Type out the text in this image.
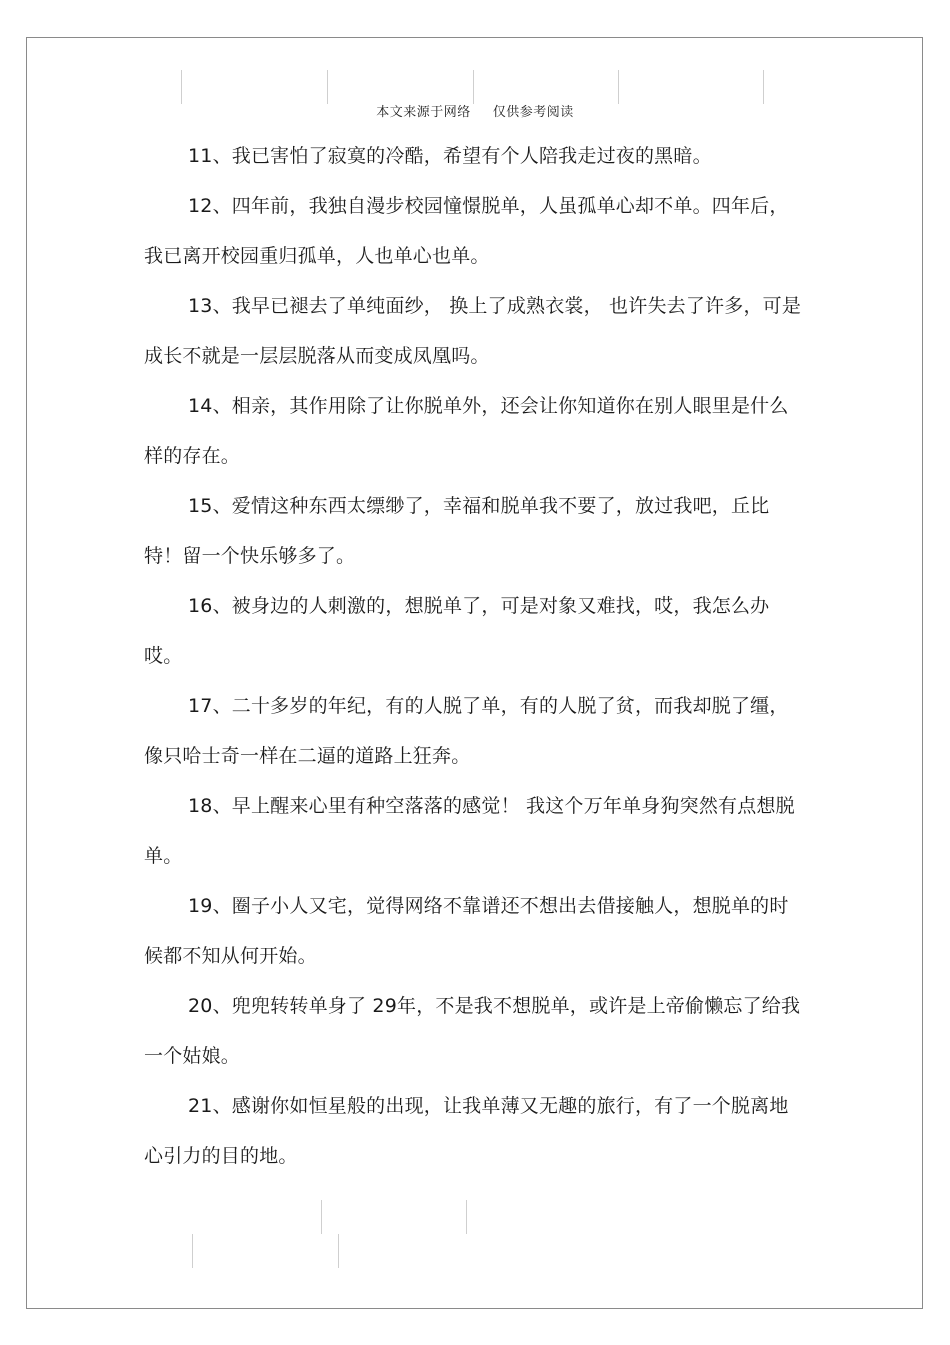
本文来源于网络 仅供参考阅读

11、我已害怕了寂寞的冷酷，希望有个人陪我走过夜的黑暗。

12、四年前，我独自漫步校园憧憬脱单，人虽孤单心却不单。四年后，我已离开校园重归孤单，人也单心也单。

13、我早已褪去了单纯面纱， 换上了成熟衣裳， 也许失去了许多，可是成长不就是一层层脱落从而变成凤凰吗。

14、相亲，其作用除了让你脱单外，还会让你知道你在别人眼里是什么样的存在。

15、爱情这种东西太缥缈了，幸福和脱单我不要了，放过我吧，丘比特！留一个快乐够多了。

16、被身边的人刺激的，想脱单了，可是对象又难找，哎，我怎么办哎。

17、二十多岁的年纪，有的人脱了单，有的人脱了贫，而我却脱了缰，像只哈士奇一样在二逼的道路上狂奔。

18、早上醒来心里有种空落落的感觉！ 我这个万年单身狗突然有点想脱单。

19、圈子小人又宅，觉得网络不靠谱还不想出去借接触人，想脱单的时候都不知从何开始。

20、兜兜转转单身了 29年，不是我不想脱单，或许是上帝偷懒忘了给我一个姑娘。

21、感谢你如恒星般的出现，让我单薄又无趣的旅行，有了一个脱离地心引力的目的地。
